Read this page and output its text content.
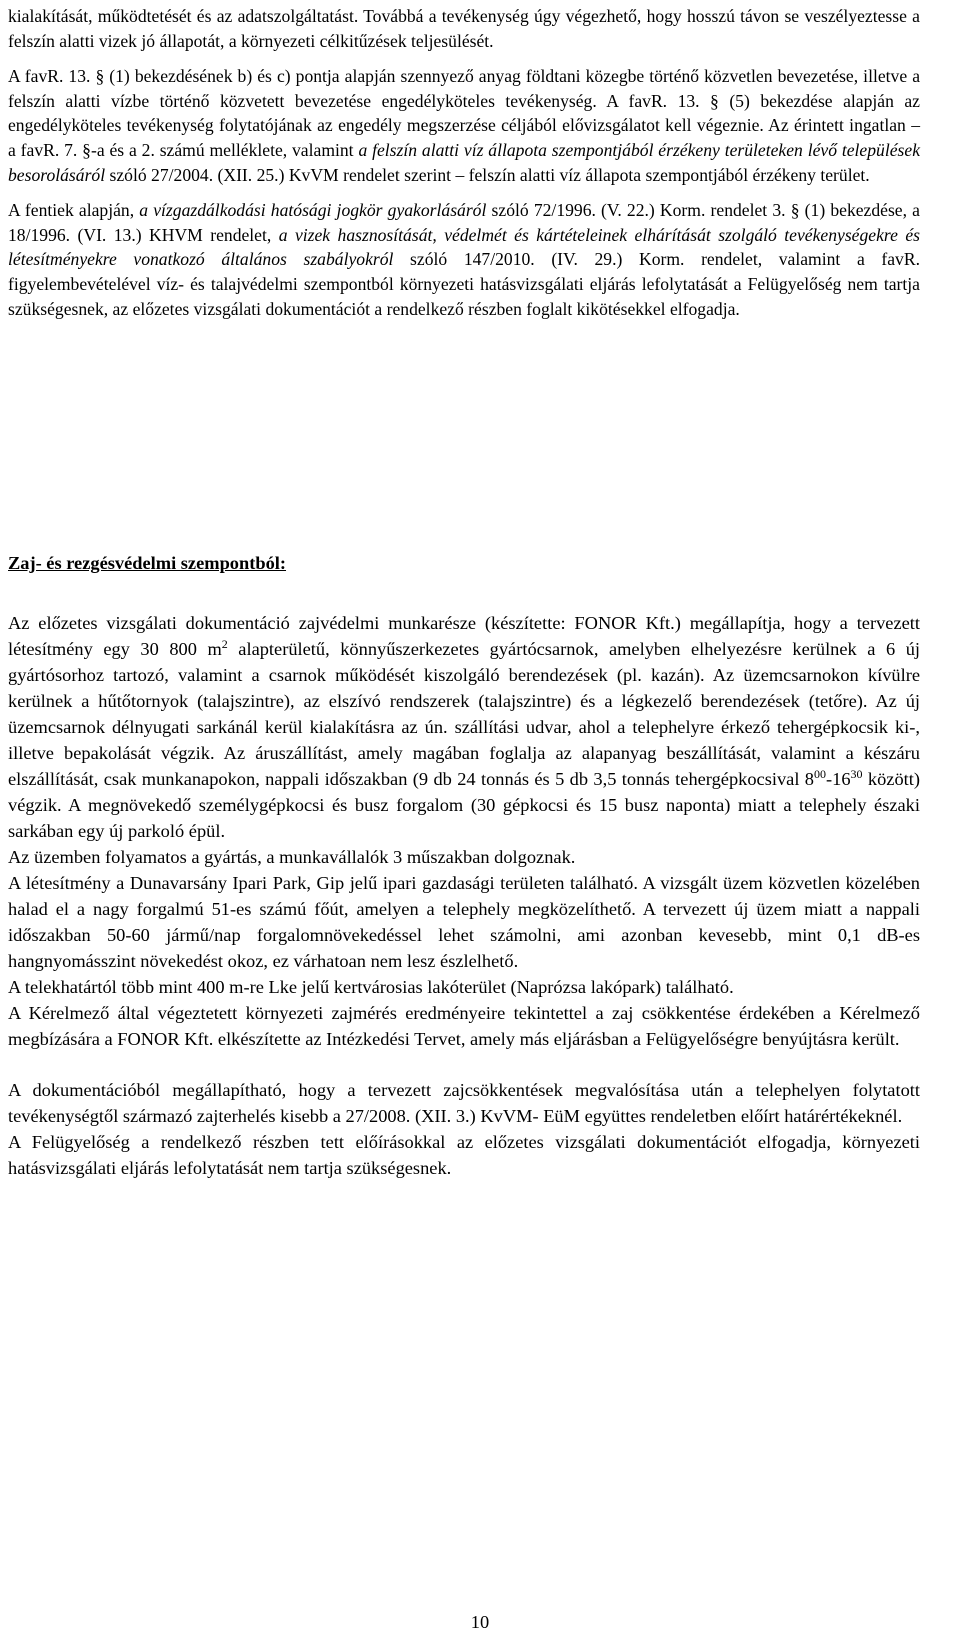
kialakítását, működtetését és az adatszolgáltatást. Továbbá a tevékenység úgy végezhető, hogy hosszú távon se veszélyeztesse a felszín alatti vizek jó állapotát, a környezeti célkitűzések teljesülését.

A favR. 13. § (1) bekezdésének b) és c) pontja alapján szennyező anyag földtani közegbe történő közvetlen bevezetése, illetve a felszín alatti vízbe történő közvetett bevezetése engedélyköteles tevékenység. A favR. 13. § (5) bekezdése alapján az engedélyköteles tevékenység folytatójának az engedély megszerzése céljából elővizsgálatot kell végeznie. Az érintett ingatlan – a favR. 7. §-a és a 2. számú melléklete, valamint a felszín alatti víz állapota szempontjából érzékeny területeken lévő települések besorolásáról szóló 27/2004. (XII. 25.) KvVM rendelet szerint – felszín alatti víz állapota szempontjából érzékeny terület.

A fentiek alapján, a vízgazdálkodási hatósági jogkör gyakorlásáról szóló 72/1996. (V. 22.) Korm. rendelet 3. § (1) bekezdése, a 18/1996. (VI. 13.) KHVM rendelet, a vizek hasznosítását, védelmét és kártételeinek elhárítását szolgáló tevékenységekre és létesítményekre vonatkozó általános szabályokról szóló 147/2010. (IV. 29.) Korm. rendelet, valamint a favR. figyelembevételével víz- és talajvédelmi szempontból környezeti hatásvizsgálati eljárás lefolytatását a Felügyelőség nem tartja szükségesnek, az előzetes vizsgálati dokumentációt a rendelkező részben foglalt kikötésekkel elfogadja.

Zaj- és rezgésvédelmi szempontból:

Az előzetes vizsgálati dokumentáció zajvédelmi munkarésze (készítette: FONOR Kft.) megállapítja, hogy a tervezett létesítmény egy 30 800 $m^2$ alapterületű, könnyűszerkezetes gyártócsarnok, amelyben elhelyezésre kerülnek a 6 új gyártósorhoz tartozó, valamint a csarnok működését kiszolgáló berendezések (pl. kazán). Az üzemcsarnokon kívülre kerülnek a hűtőtornyok (talajszintre), az elszívó rendszerek (talajszintre) és a légkezelő berendezések (tetőre). Az új üzemcsarnok délnyugati sarkánál kerül kialakításra az ún. szállítási udvar, ahol a telephelyre érkező tehergépkocsik ki-, illetve bepakolását végzik. Az áruszállítást, amely magában foglalja az alapanyag beszállítását, valamint a készáru elszállítását, csak munkanapokon, nappali időszakban (9 db 24 tonnás és 5 db 3,5 tonnás tehergépkocsival $8^{00}-16^{30}$ között) végzik. A megnövekedő személygépkocsi és busz forgalom (30 gépkocsi és 15 busz naponta) miatt a telephely északi sarkában egy új parkoló épül.

Az üzemben folyamatos a gyártás, a munkavállalók 3 műszakban dolgoznak.

A létesítmény a Dunavarsány Ipari Park, Gip jelű ipari gazdasági területen található. A vizsgált üzem közvetlen közelében halad el a nagy forgalmú 51-es számú főút, amelyen a telephely megközelíthető. A tervezett új üzem miatt a nappali időszakban 50-60 jármű/nap forgalomnövekedéssel lehet számolni, ami azonban kevesebb, mint 0,1 dB-es hangnyomásszint növekedést okoz, ez várhatoan nem lesz észlelhető.

A telekhatártól több mint 400 m-re Lke jelű kertvárosias lakóterület (Naprózsa lakópark) található.

A Kérelmező által végeztetett környezeti zajmérés eredményeire tekintettel a zaj csökkentése érdekében a Kérelmező megbízására a FONOR Kft. elkészítette az Intézkedési Tervet, amely más eljárásban a Felügyelőségre benyújtásra került.

A dokumentációból megállapítható, hogy a tervezett zajcsökkentések megvalósítása után a telephelyen folytatott tevékenységtől származó zajterhelés kisebb a 27/2008. (XII. 3.) KvVM- EüM együttes rendeletben előírt határértékeknél.

A Felügyelőség a rendelkező részben tett előírásokkal az előzetes vizsgálati dokumentációt elfogadja, környezeti hatásvizsgálati eljárás lefolytatását nem tartja szükségesnek.

10
